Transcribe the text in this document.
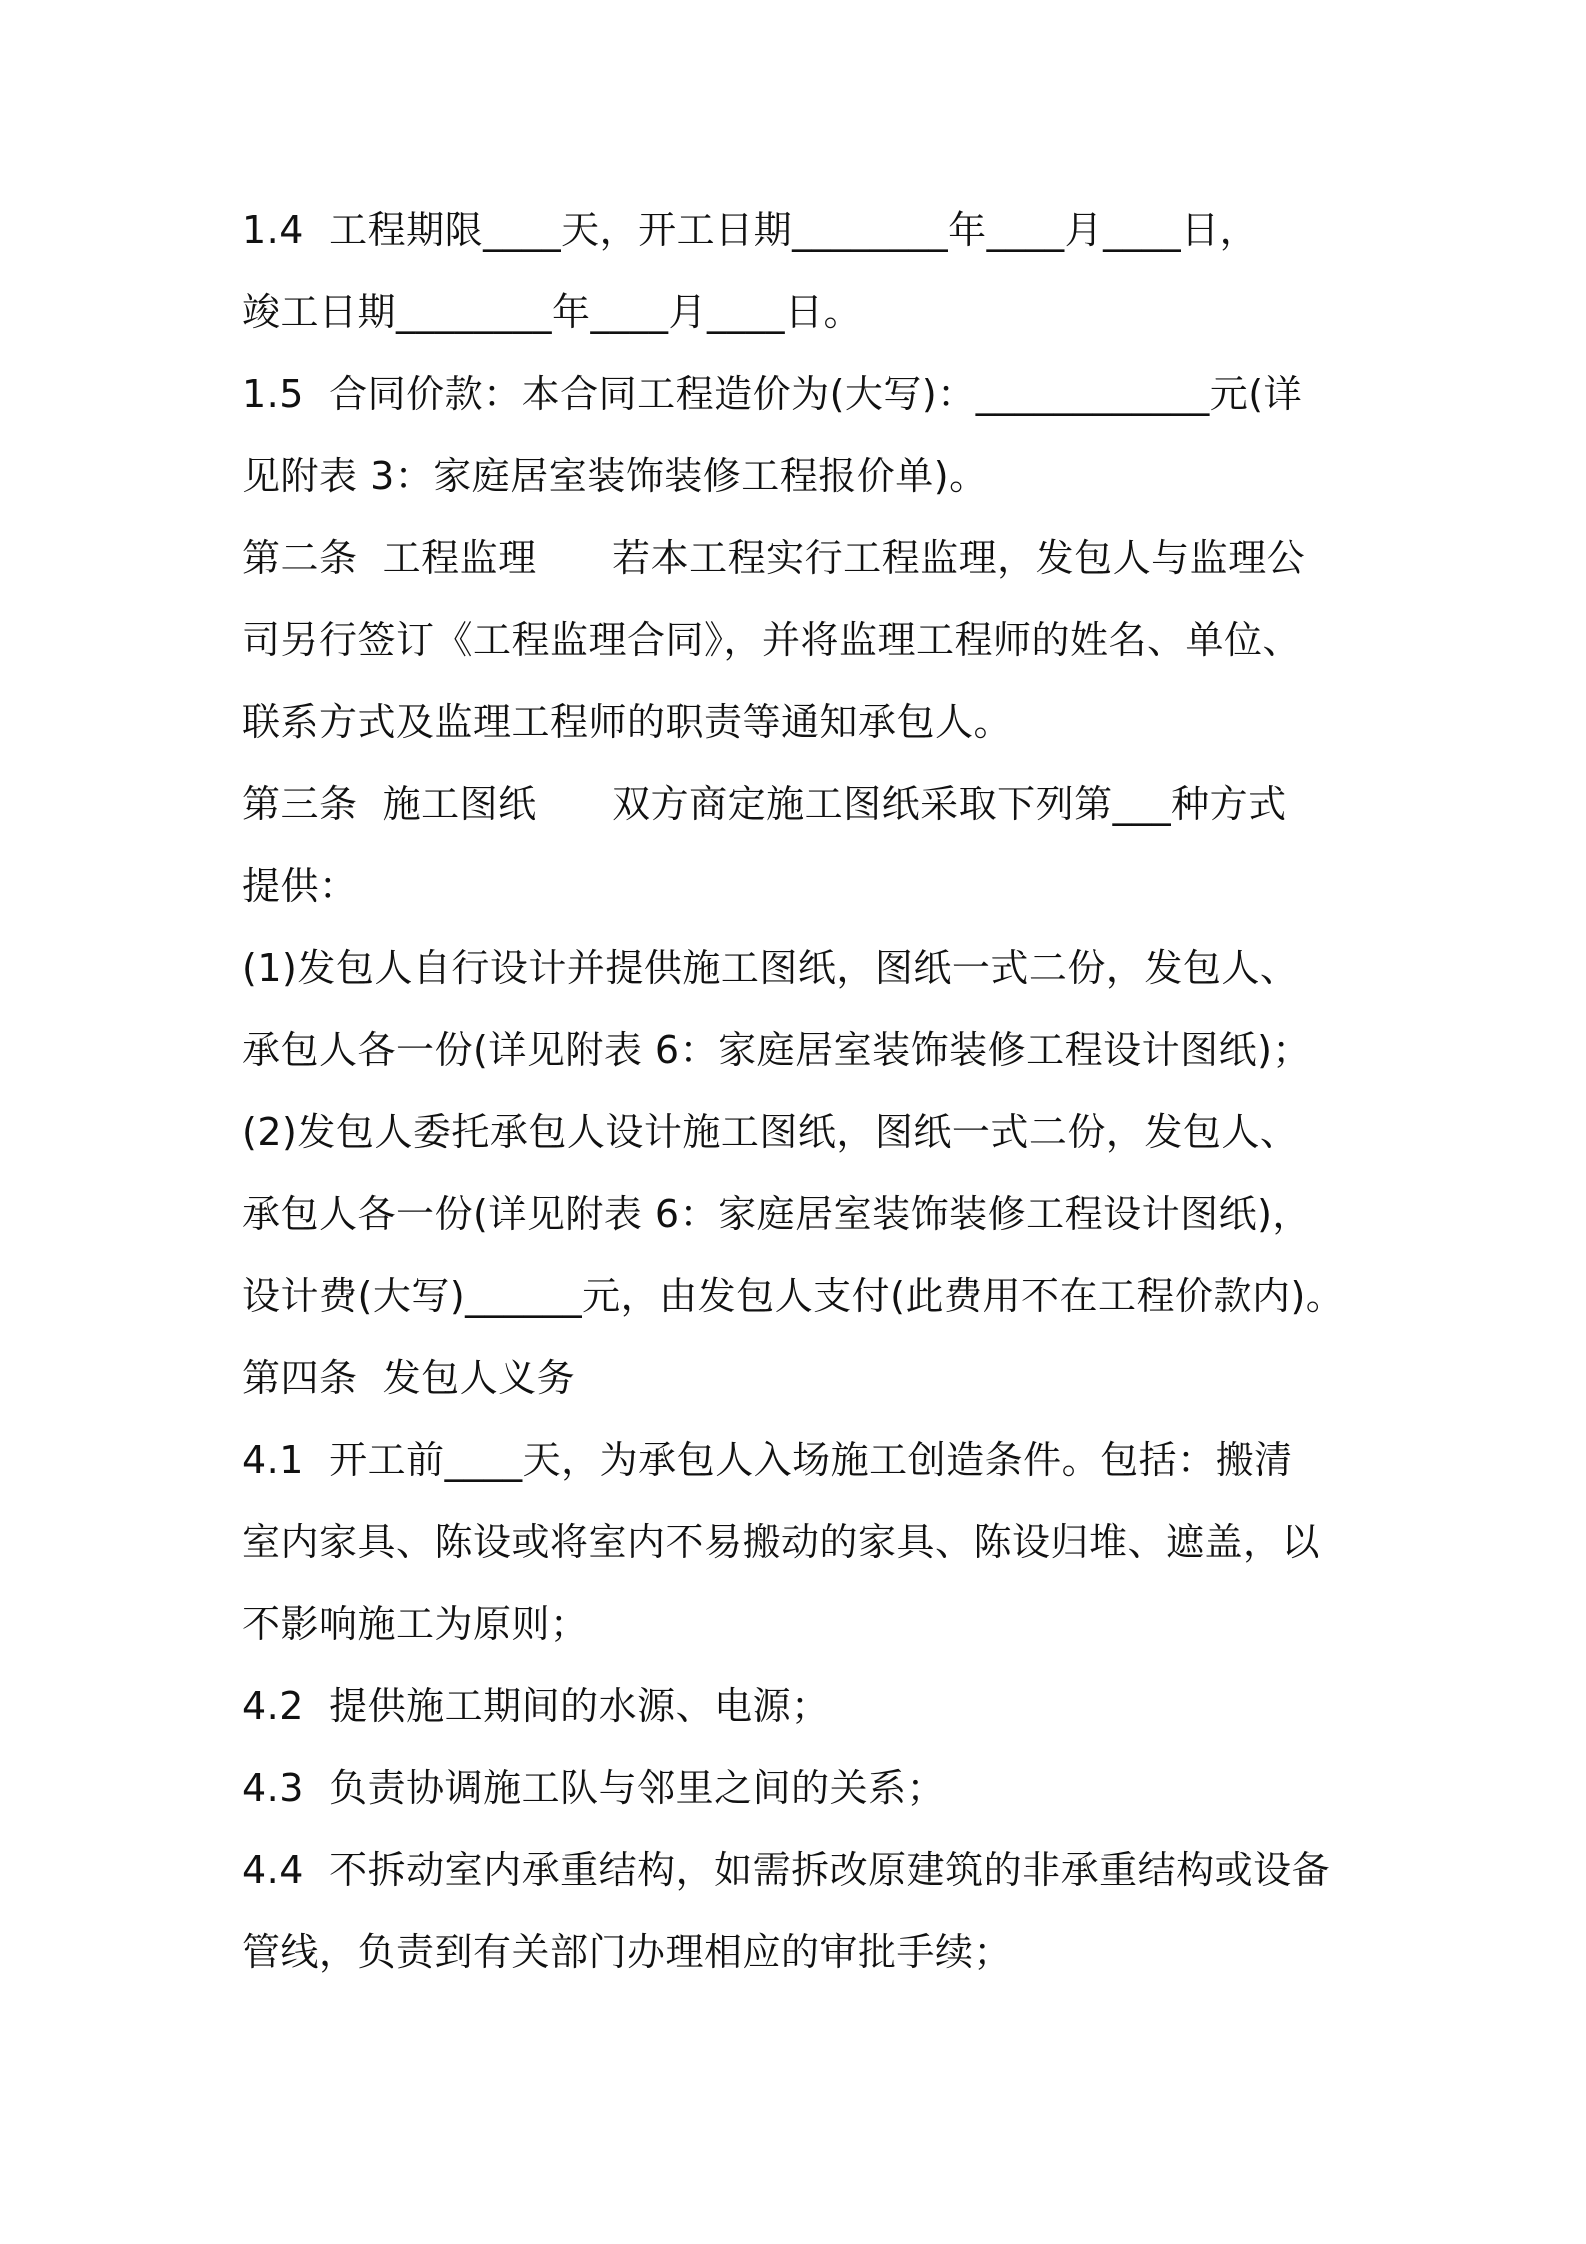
1.4  工程期限____天，开工日期________年____月____日，
竣工日期________年____月____日。
1.5  合同价款：本合同工程造价为(大写)：____________元(详
见附表 3：家庭居室装饰装修工程报价单)。
第二条  工程监理      若本工程实行工程监理，发包人与监理公
司另行签订《工程监理合同》，并将监理工程师的姓名、单位、
联系方式及监理工程师的职责等通知承包人。
第三条  施工图纸      双方商定施工图纸采取下列第___种方式
提供：
(1)发包人自行设计并提供施工图纸，图纸一式二份，发包人、
承包人各一份(详见附表 6：家庭居室装饰装修工程设计图纸)；
(2)发包人委托承包人设计施工图纸，图纸一式二份，发包人、
承包人各一份(详见附表 6：家庭居室装饰装修工程设计图纸)，
设计费(大写)______元，由发包人支付(此费用不在工程价款内)。
第四条  发包人义务
4.1  开工前____天，为承包人入场施工创造条件。包括：搬清
室内家具、陈设或将室内不易搬动的家具、陈设归堆、遮盖，以
不影响施工为原则；
4.2  提供施工期间的水源、电源；
4.3  负责协调施工队与邻里之间的关系；
4.4  不拆动室内承重结构，如需拆改原建筑的非承重结构或设备
管线，负责到有关部门办理相应的审批手续；
